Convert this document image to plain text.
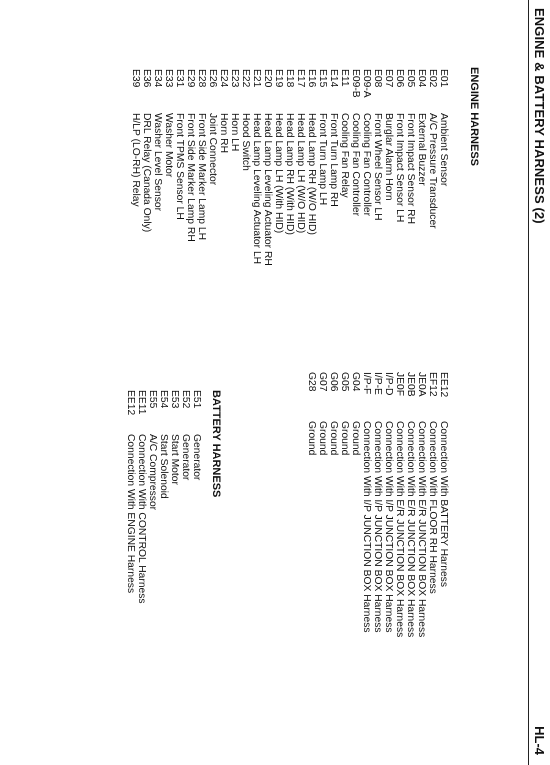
ENGINE & BATTERY HARNESS (2)
HL-4
ENGINE HARNESS
E01
Ambient Sensor
E02
A/C Pressure Transducer
E04
External Buzzer
E05
Front Impact Sensor RH
E06
Front Impact Sensor LH
E07
Burglar Alarm Horn
E08
Front Wheel Sensor LH
E09-A
Cooling Fan Controller
E09-B
Cooling Fan Controller
E11
Cooling Fan Relay
E14
Front Turn Lamp RH
E15
Front Turn Lamp LH
E16
Head Lamp RH (W/O HID)
E17
Head Lamp LH (W/O HID)
E18
Head Lamp RH (With HID)
E19
Head Lamp LH (With HID)
E20
Head Lamp Leveling Actuator RH
E21
Head Lamp Leveling Actuator LH
E22
Hood Switch
E23
Horn LH
E24
Horn RH
E26
Joint Connector
E28
Front Side Marker Lamp LH
E29
Front Side Marker Lamp RH
E31
Front TPMS Sensor LH
E33
Washer Motor
E34
Washer Level Sensor
E36
DRL Relay (Canada Only)
E39
H/LP (LO-RH) Relay
EE12
Connection With BATTERY Harness
EF12
Connection With FLOOR RH Harness
JE0A
Connection With E/R JUNCTION BOX Harness
JE0B
Connection With E/R JUNCTION BOX Harness
JE0F
Connection With E/R JUNCTION BOX Harness
I/P-D
Connection With I/P JUNCTION BOX Harness
I/P-E
Connection With I/P JUNCTION BOX Harness
I/P-F
Connection With I/P JUNCTION BOX Harness
G04
Ground
G05
Ground
G06
Ground
G07
Ground
G28
Ground
BATTERY HARNESS
E51
Generator
E52
Generator
E53
Start Motor
E54
Start Solenoid
E55
A/C Compressor
EE11
Connection With CONTROL Harness
EE12
Connection With ENGINE Harness
